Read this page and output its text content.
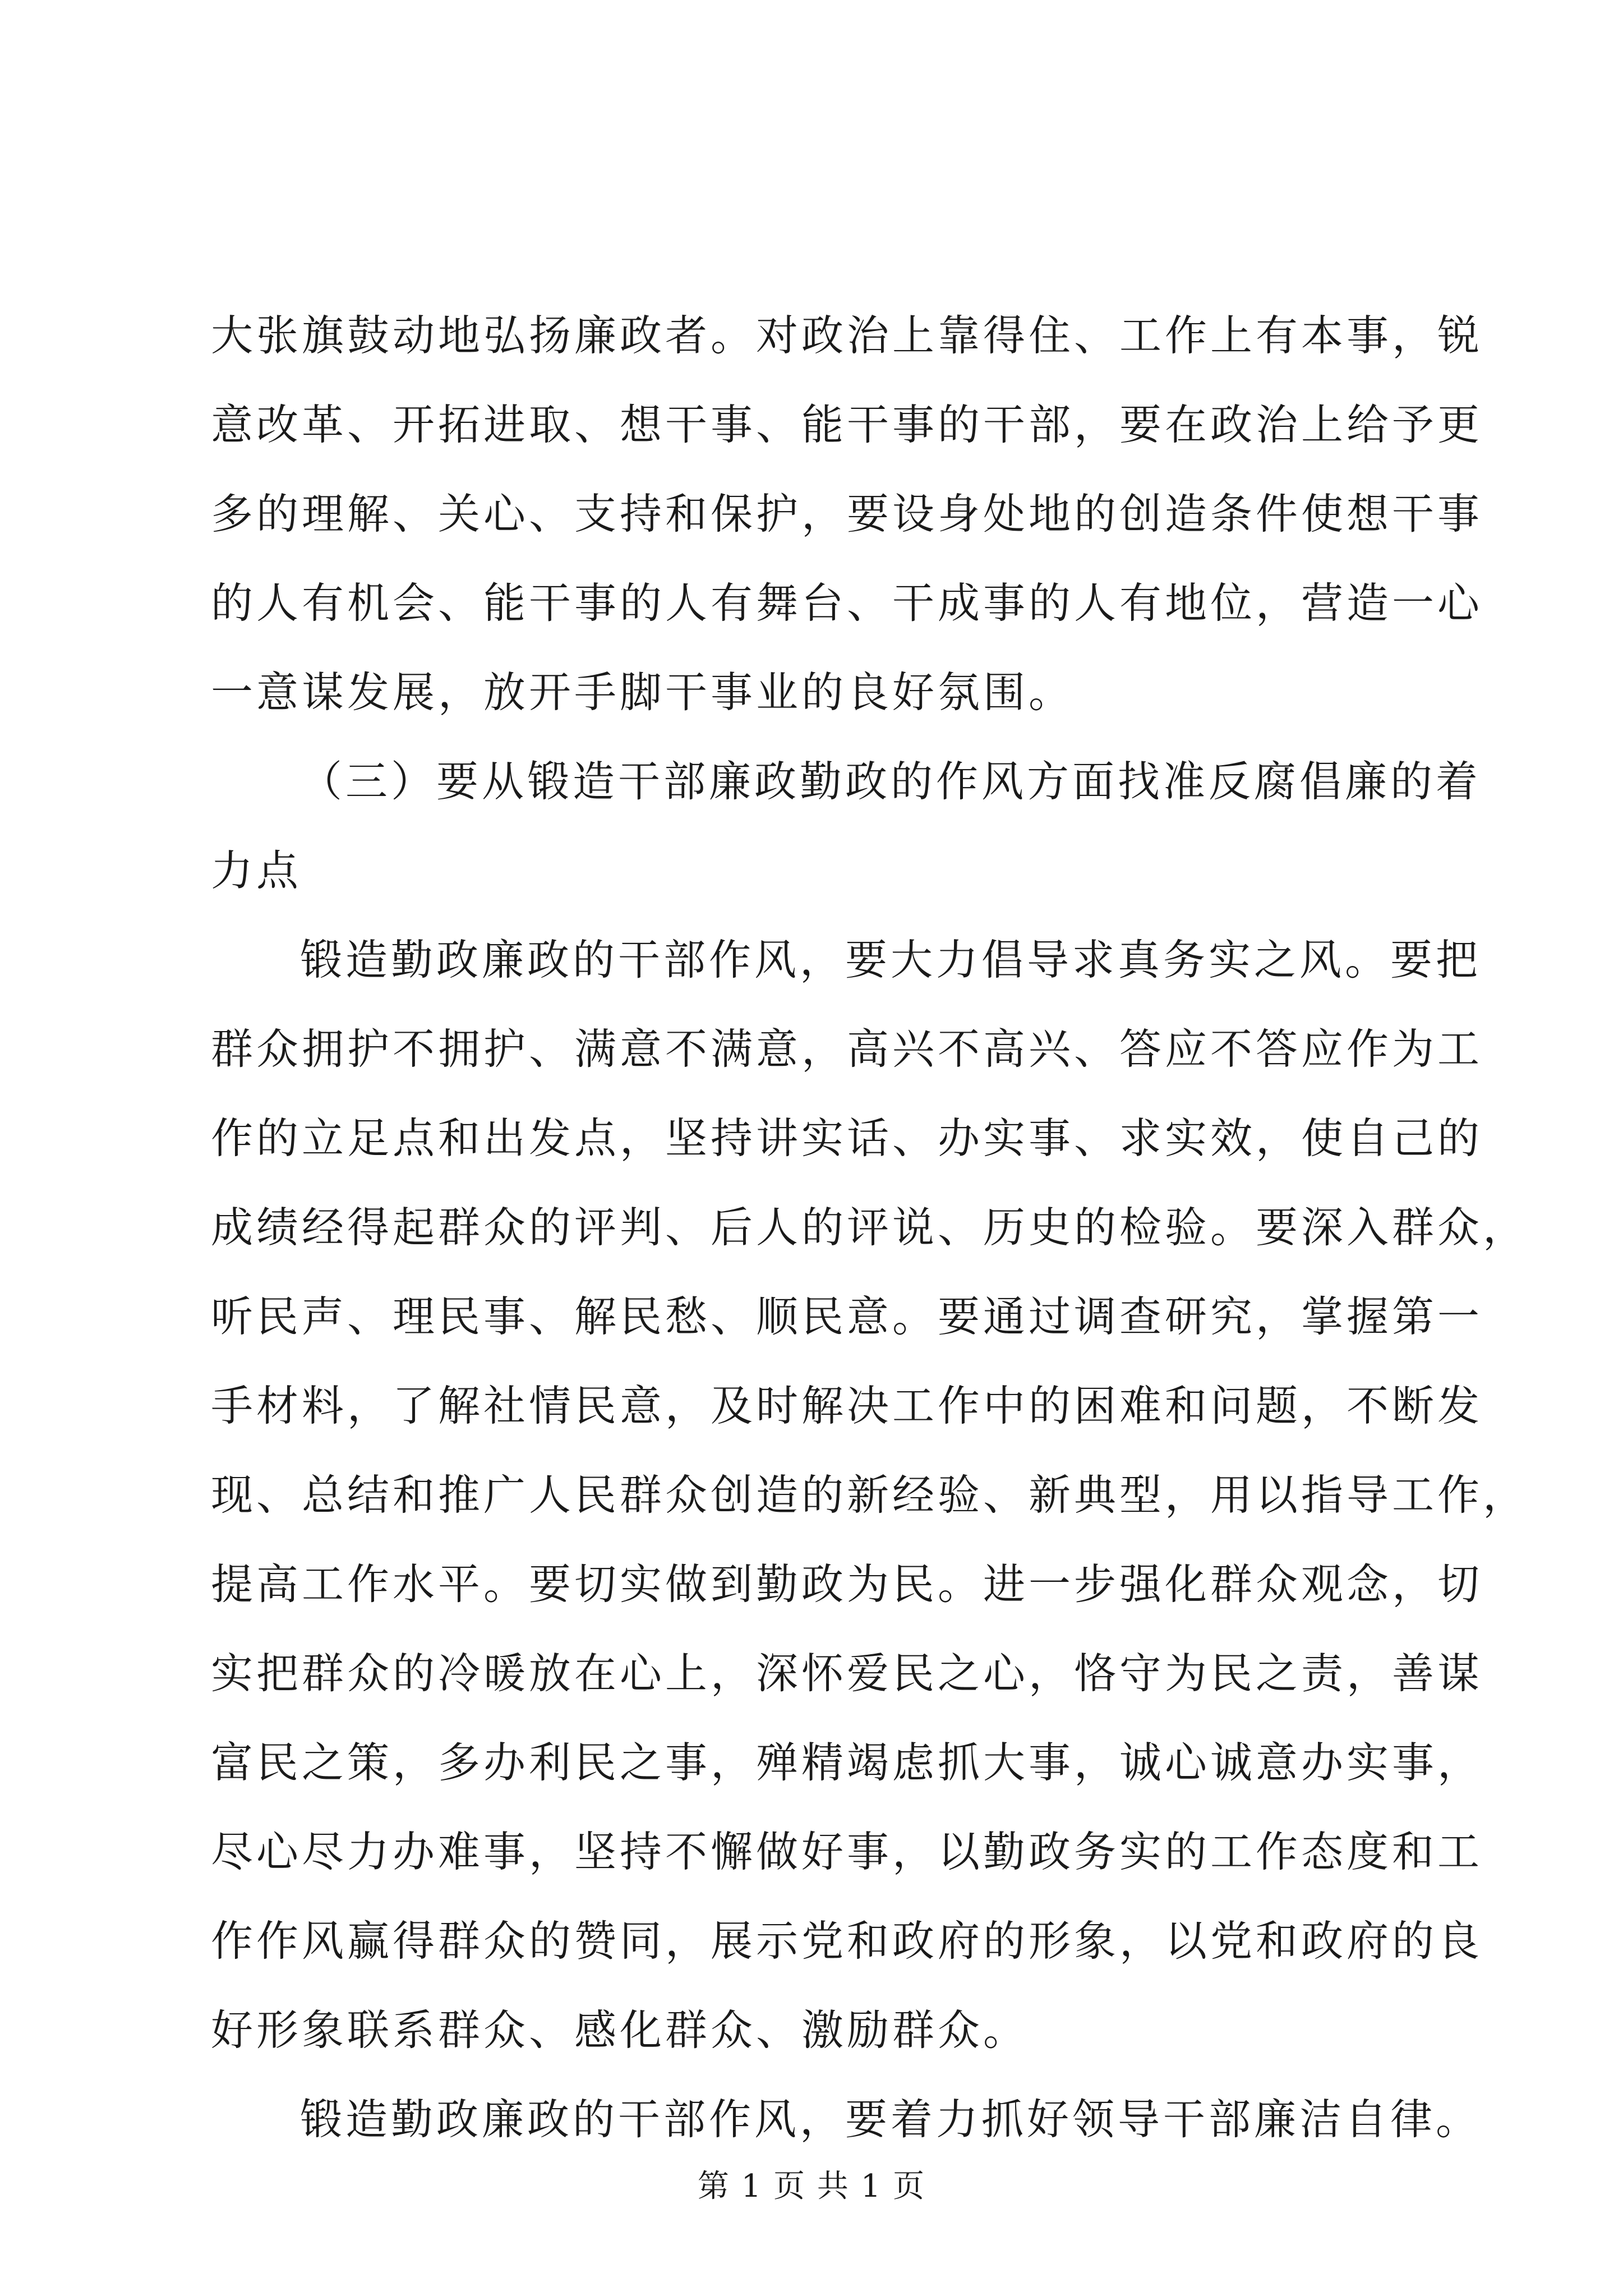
大张旗鼓动地弘扬廉政者。对政治上靠得住、工作上有本事，锐
意改革、开拓进取、想干事、能干事的干部，要在政治上给予更
多的理解、关心、支持和保护，要设身处地的创造条件使想干事
的人有机会、能干事的人有舞台、干成事的人有地位，营造一心
一意谋发展，放开手脚干事业的良好氛围。
（三）要从锻造干部廉政勤政的作风方面找准反腐倡廉的着
力点
锻造勤政廉政的干部作风，要大力倡导求真务实之风。要把
群众拥护不拥护、满意不满意，高兴不高兴、答应不答应作为工
作的立足点和出发点，坚持讲实话、办实事、求实效，使自己的
成绩经得起群众的评判、后人的评说、历史的检验。要深入群众，
听民声、理民事、解民愁、顺民意。要通过调查研究，掌握第一
手材料，了解社情民意，及时解决工作中的困难和问题，不断发
现、总结和推广人民群众创造的新经验、新典型，用以指导工作，
提高工作水平。要切实做到勤政为民。进一步强化群众观念，切
实把群众的冷暖放在心上，深怀爱民之心，恪守为民之责，善谋
富民之策，多办利民之事，殚精竭虑抓大事，诚心诚意办实事，
尽心尽力办难事，坚持不懈做好事，以勤政务实的工作态度和工
作作风赢得群众的赞同，展示党和政府的形象，以党和政府的良
好形象联系群众、感化群众、激励群众。
锻造勤政廉政的干部作风，要着力抓好领导干部廉洁自律。
第 1 页 共 1 页
